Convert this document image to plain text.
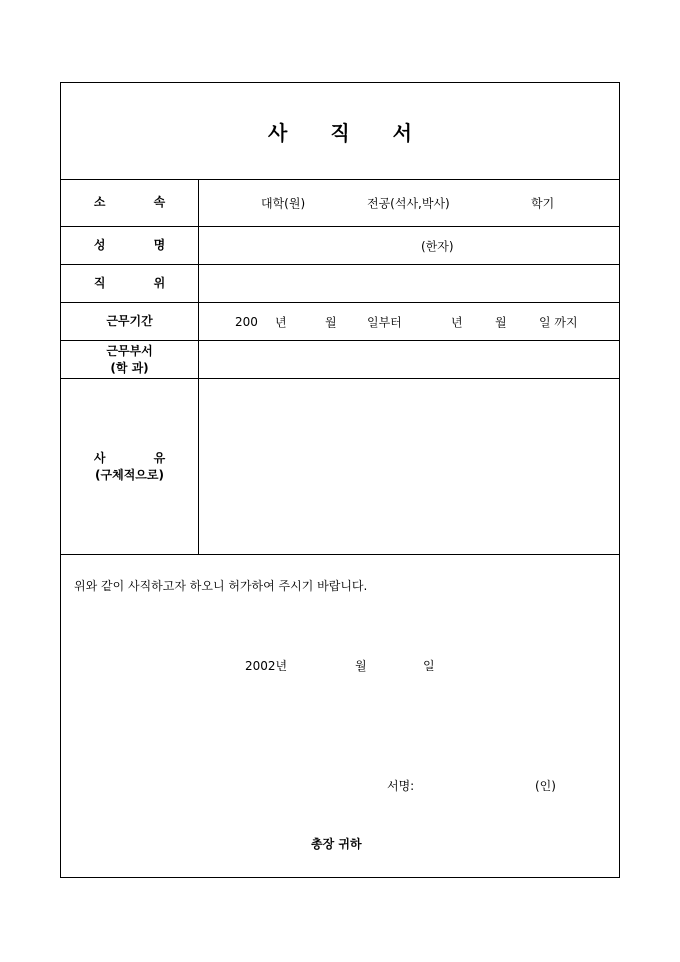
사 직 서
소 속	대학(원)	전공(석사,박사)	학기
성 명	(한자)
직 위
근무기간	200 년	월	일부터	년	월	일 까지
근무부서
(학 과)
사 유
(구체적으로)
위와 같이 사직하고자 하오니 허가하여 주시기 바랍니다.
2002년	월	일
서명:	(인)
총장 귀하
